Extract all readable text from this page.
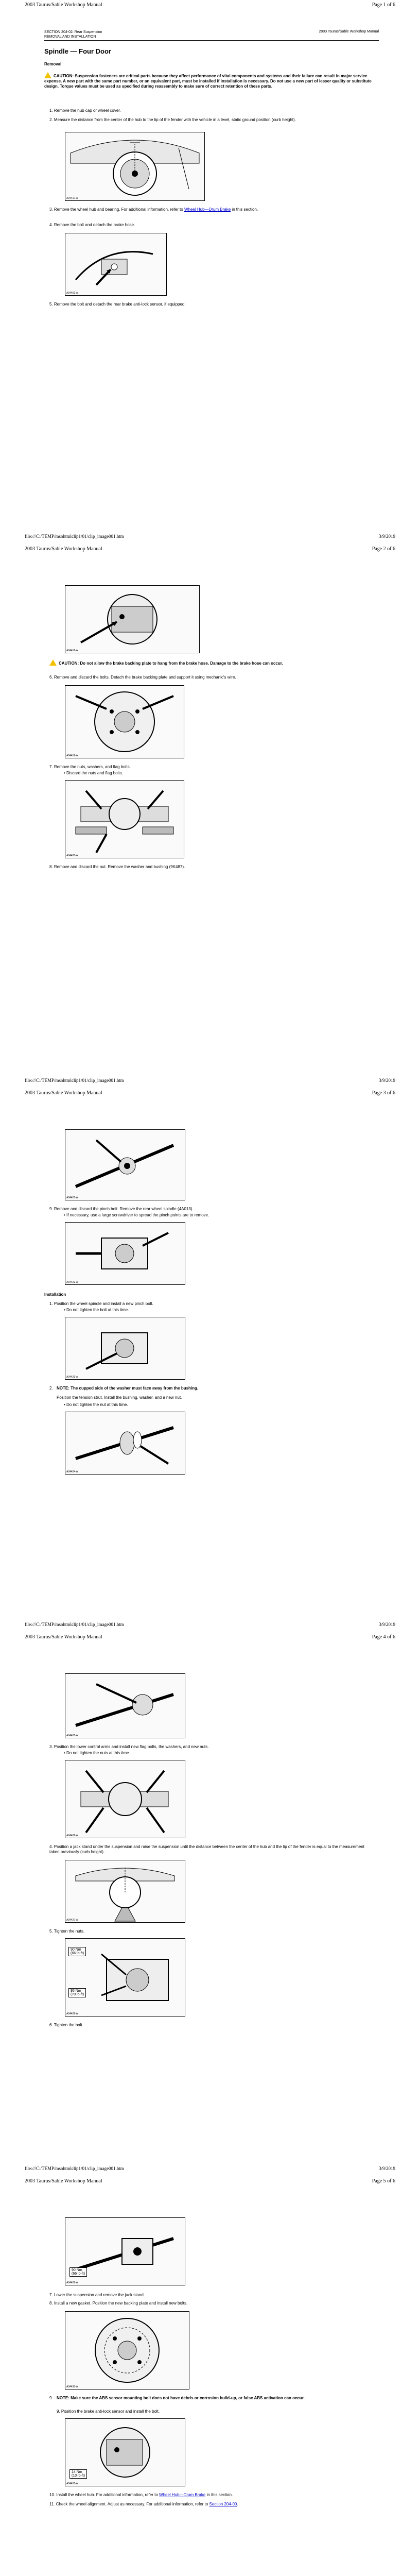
2003 Taurus/Sable Workshop Manual	Page 1 of 6
SECTION 204-02: Rear Suspension
REMOVAL AND INSTALLATION
2003 Taurus/Sable Workshop Manual
Spindle — Four Door
Removal
CAUTION: Suspension fasteners are critical parts because they affect performance of vital components and systems and their failure can result in major service expense. A new part with the same part number, or an equivalent part, must be installed if installation is necessary. Do not use a new part of lesser quality or substitute design. Torque values must be used as specified during reassembly to make sure of correct retention of these parts.
1. Remove the hub cap or wheel cover.
2. Measure the distance from the center of the hub to the lip of the fender with the vehicle in a level, static ground position (curb height).
A04417-A
3. Remove the wheel hub and bearing. For additional information, refer to Wheel Hub—Drum Brake in this section.
4. Remove the bolt and detach the brake hose.
A04401-A
5. Remove the bolt and detach the rear brake anti-lock sensor, if equipped.
file:///C:/TEMP/msohtmlclip1/01/clip_image001.htm	3/9/2019
2003 Taurus/Sable Workshop Manual	Page 2 of 6
A04418-A
CAUTION: Do not allow the brake backing plate to hang from the brake hose. Damage to the brake hose can occur.
6. Remove and discard the bolts. Detach the brake backing plate and support it using mechanic's wire.
A04419-A
7. Remove the nuts, washers, and flag bolts.
• Discard the nuts and flag bolts.
A04420-A
8. Remove and discard the nut. Remove the washer and bushing (9K487).
file:///C:/TEMP/msohtmlclip1/01/clip_image001.htm	3/9/2019
2003 Taurus/Sable Workshop Manual	Page 3 of 6
A04421-A
9. Remove and discard the pinch bolt. Remove the rear wheel spindle (4A013).
• If necessary, use a large screwdriver to spread the pinch points are to remove.
A04422-A
Installation
1. Position the wheel spindle and install a new pinch bolt.
• Do not tighten the bolt at this time.
A04423-A
2. NOTE: The cupped side of the washer must face away from the bushing.
Position the tension strut. Install the bushing, washer, and a new nut.
• Do not tighten the nut at this time.
A04424-A
file:///C:/TEMP/msohtmlclip1/01/clip_image001.htm	3/9/2019
2003 Taurus/Sable Workshop Manual	Page 4 of 6
A04425-A
3. Position the lower control arms and install new flag bolts, the washers, and new nuts.
• Do not tighten the nuts at this time.
A04426-A
4. Position a jack stand under the suspension and raise the suspension until the distance between the center of the hub and the lip of the fender is equal to the measurement taken previously (curb height).
A04427-A
5. Tighten the nuts.
90 Nm
(66 lb-ft)
95 Nm
(70 lb-ft)
A04428-A
6. Tighten the bolt.
file:///C:/TEMP/msohtmlclip1/01/clip_image001.htm	3/9/2019
2003 Taurus/Sable Workshop Manual	Page 5 of 6
90 Nm
(66 lb-ft)
A04429-A
7. Lower the suspension and remove the jack stand.
8. Install a new gasket. Position the new backing plate and install new bolts.
A04430-A
9. NOTE: Make sure the ABS sensor mounting bolt does not have debris or corrosion build-up, or false ABS activation can occur.
9. Position the brake anti-lock sensor and install the bolt.
14 Nm
(10 lb-ft)
A04431-A
10. Install the wheel hub. For additional information, refer to Wheel Hub—Drum Brake in this section.
11. Check the wheel alignment. Adjust as necessary. For additional information, refer to Section 204-00.
